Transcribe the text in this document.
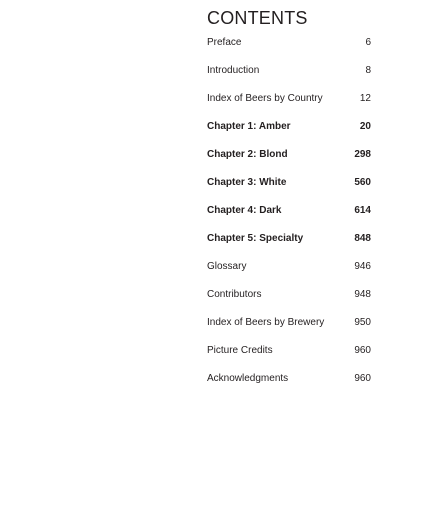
CONTENTS
Preface	6
Introduction	8
Index of Beers by Country	12
Chapter 1: Amber	20
Chapter 2: Blond	298
Chapter 3: White	560
Chapter 4: Dark	614
Chapter 5: Specialty	848
Glossary	946
Contributors	948
Index of Beers by Brewery	950
Picture Credits	960
Acknowledgments	960
